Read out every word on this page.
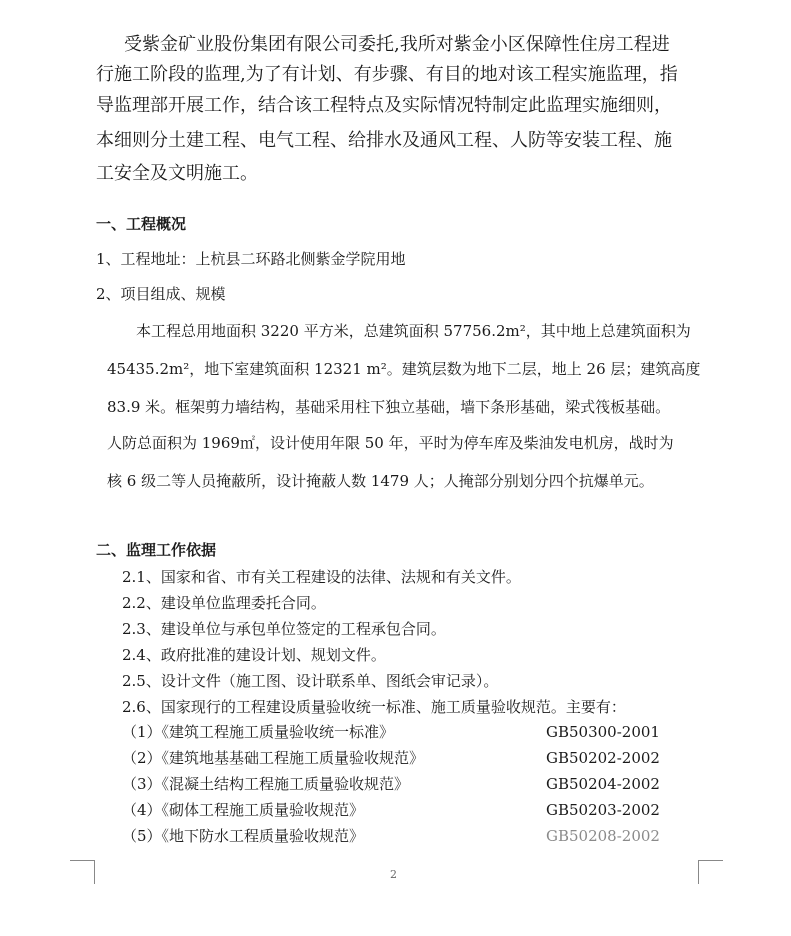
受紫金矿业股份集团有限公司委托,我所对紫金小区保障性住房工程进
行施工阶段的监理,为了有计划、有步骤、有目的地对该工程实施监理，指
导监理部开展工作，结合该工程特点及实际情况特制定此监理实施细则，
本细则分土建工程、电气工程、给排水及通风工程、人防等安装工程、施
工安全及文明施工。
一、工程概况
1、工程地址：上杭县二环路北侧紫金学院用地
2、项目组成、规模
本工程总用地面积 3220 平方米，总建筑面积 57756.2m²，其中地上总建筑面积为
45435.2m²，地下室建筑面积 12321 m²。建筑层数为地下二层，地上 26 层；建筑高度
83.9 米。框架剪力墙结构，基础采用柱下独立基础，墙下条形基础，梁式筏板基础。
人防总面积为 1969㎡，设计使用年限 50 年，平时为停车库及柴油发电机房，战时为
核 6 级二等人员掩蔽所，设计掩蔽人数 1479 人；人掩部分别划分四个抗爆单元。
二、监理工作依据
2.1、国家和省、市有关工程建设的法律、法规和有关文件。
2.2、建设单位监理委托合同。
2.3、建设单位与承包单位签定的工程承包合同。
2.4、政府批准的建设计划、规划文件。
2.5、设计文件（施工图、设计联系单、图纸会审记录）。
2.6、国家现行的工程建设质量验收统一标准、施工质量验收规范。主要有：
（1）《建筑工程施工质量验收统一标准》	GB50300-2001
（2）《建筑地基基础工程施工质量验收规范》	GB50202-2002
（3）《混凝土结构工程施工质量验收规范》	GB50204-2002
（4）《砌体工程施工质量验收规范》	GB50203-2002
（5）《地下防水工程质量验收规范》	GB50208-2002
2
